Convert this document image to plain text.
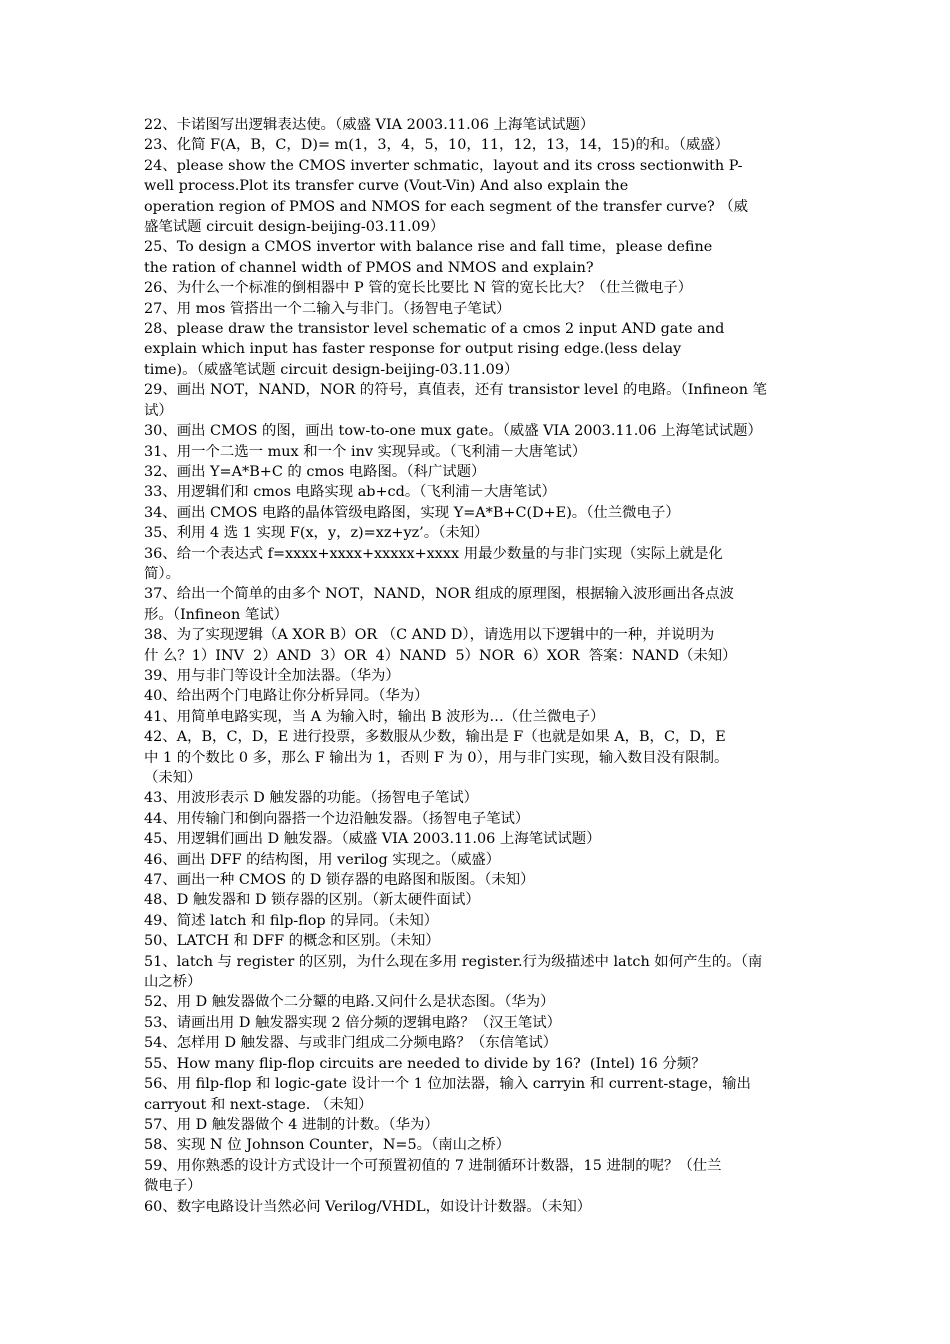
22、卡诺图写出逻辑表达使。（威盛 VIA 2003.11.06 上海笔试试题）
23、化简 F(A，B，C，D)= m(1，3，4，5，10，11，12，13，14，15)的和。（威盛）
24、please show the CMOS inverter schmatic，layout and its cross sectionwith P-
well process.Plot its transfer curve (Vout-Vin) And also explain the
operation region of PMOS and NMOS for each segment of the transfer curve? （威
盛笔试题 circuit design-beijing-03.11.09）
25、To design a CMOS invertor with balance rise and fall time，please define
the ration of channel width of PMOS and NMOS and explain?
26、为什么一个标准的倒相器中 P 管的宽长比要比 N 管的宽长比大？（仕兰微电子）
27、用 mos 管搭出一个二输入与非门。（扬智电子笔试）
28、please draw the transistor level schematic of a cmos 2 input AND gate and
explain which input has faster response for output rising edge.(less delay
time)。（威盛笔试题 circuit design-beijing-03.11.09）
29、画出 NOT，NAND，NOR 的符号，真值表，还有 transistor level 的电路。（Infineon 笔
试）
30、画出 CMOS 的图，画出 tow-to-one mux gate。（威盛 VIA 2003.11.06 上海笔试试题）
31、用一个二选一 mux 和一个 inv 实现异或。（飞利浦－大唐笔试）
32、画出 Y=A*B+C 的 cmos 电路图。（科广试题）
33、用逻辑们和 cmos 电路实现 ab+cd。（飞利浦－大唐笔试）
34、画出 CMOS 电路的晶体管级电路图，实现 Y=A*B+C(D+E)。（仕兰微电子）
35、利用 4 选 1 实现 F(x，y，z)=xz+yz’。（未知）
36、给一个表达式 f=xxxx+xxxx+xxxxx+xxxx 用最少数量的与非门实现（实际上就是化
简）。
37、给出一个简单的由多个 NOT，NAND，NOR 组成的原理图，根据输入波形画出各点波
形。（Infineon 笔试）
38、为了实现逻辑（A XOR B）OR （C AND D），请选用以下逻辑中的一种，并说明为
什 么？1）INV  2）AND  3）OR  4）NAND  5）NOR  6）XOR  答案：NAND（未知）
39、用与非门等设计全加法器。（华为）
40、给出两个门电路让你分析异同。（华为）
41、用简单电路实现，当 A 为输入时，输出 B 波形为…（仕兰微电子）
42、A，B，C，D，E 进行投票，多数服从少数，输出是 F（也就是如果 A，B，C，D，E
中 1 的个数比 0 多，那么 F 输出为 1，否则 F 为 0），用与非门实现，输入数目没有限制。
（未知）
43、用波形表示 D 触发器的功能。（扬智电子笔试）
44、用传输门和倒向器搭一个边沿触发器。（扬智电子笔试）
45、用逻辑们画出 D 触发器。（威盛 VIA 2003.11.06 上海笔试试题）
46、画出 DFF 的结构图，用 verilog 实现之。（威盛）
47、画出一种 CMOS 的 D 锁存器的电路图和版图。（未知）
48、D 触发器和 D 锁存器的区别。（新太硬件面试）
49、简述 latch 和 filp-flop 的异同。（未知）
50、LATCH 和 DFF 的概念和区别。（未知）
51、latch 与 register 的区别，为什么现在多用 register.行为级描述中 latch 如何产生的。（南
山之桥）
52、用 D 触发器做个二分颦的电路.又问什么是状态图。（华为）
53、请画出用 D 触发器实现 2 倍分频的逻辑电路？（汉王笔试）
54、怎样用 D 触发器、与或非门组成二分频电路？（东信笔试）
55、How many flip-flop circuits are needed to divide by 16?  (Intel) 16 分频？
56、用 filp-flop 和 logic-gate 设计一个 1 位加法器，输入 carryin 和 current-stage，输出
carryout 和 next-stage. （未知）
57、用 D 触发器做个 4 进制的计数。（华为）
58、实现 N 位 Johnson Counter，N=5。（南山之桥）
59、用你熟悉的设计方式设计一个可预置初值的 7 进制循环计数器，15 进制的呢？（仕兰
微电子）
60、数字电路设计当然必问 Verilog/VHDL，如设计计数器。（未知）
